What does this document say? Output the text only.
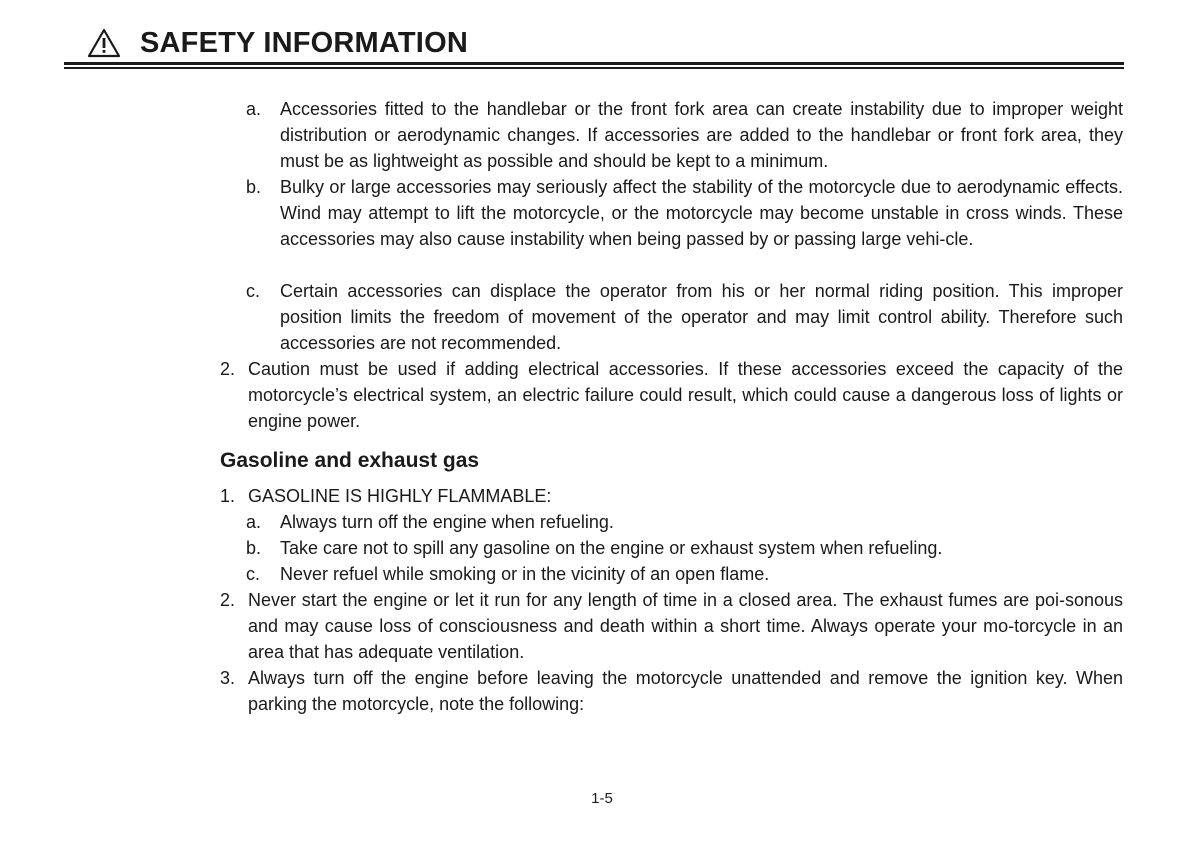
SAFETY INFORMATION
a.	Accessories fitted to the handlebar or the front fork area can create instability due to improper weight distribution or aerodynamic changes. If accessories are added to the handlebar or front fork area, they must be as lightweight as possible and should be kept to a minimum.
b.	Bulky or large accessories may seriously affect the stability of the motorcycle due to aerodynamic effects. Wind may attempt to lift the motorcycle, or the motorcycle may become unstable in cross winds. These accessories may also cause instability when being passed by or passing large vehi-cle.
c.	Certain accessories can displace the operator from his or her normal riding position. This improper position limits the freedom of movement of the operator and may limit control ability. Therefore such accessories are not recommended.
2. Caution must be used if adding electrical accessories. If these accessories exceed the capacity of the motorcycle’s electrical system, an electric failure could result, which could cause a dangerous loss of lights or engine power.
Gasoline and exhaust gas
1. GASOLINE IS HIGHLY FLAMMABLE:
a.	Always turn off the engine when refueling.
b.	Take care not to spill any gasoline on the engine or exhaust system when refueling.
c.	Never refuel while smoking or in the vicinity of an open flame.
2. Never start the engine or let it run for any length of time in a closed area. The exhaust fumes are poi-sonous and may cause loss of consciousness and death within a short time. Always operate your mo-torcycle in an area that has adequate ventilation.
3. Always turn off the engine before leaving the motorcycle unattended and remove the ignition key. When parking the motorcycle, note the following:
1-5
